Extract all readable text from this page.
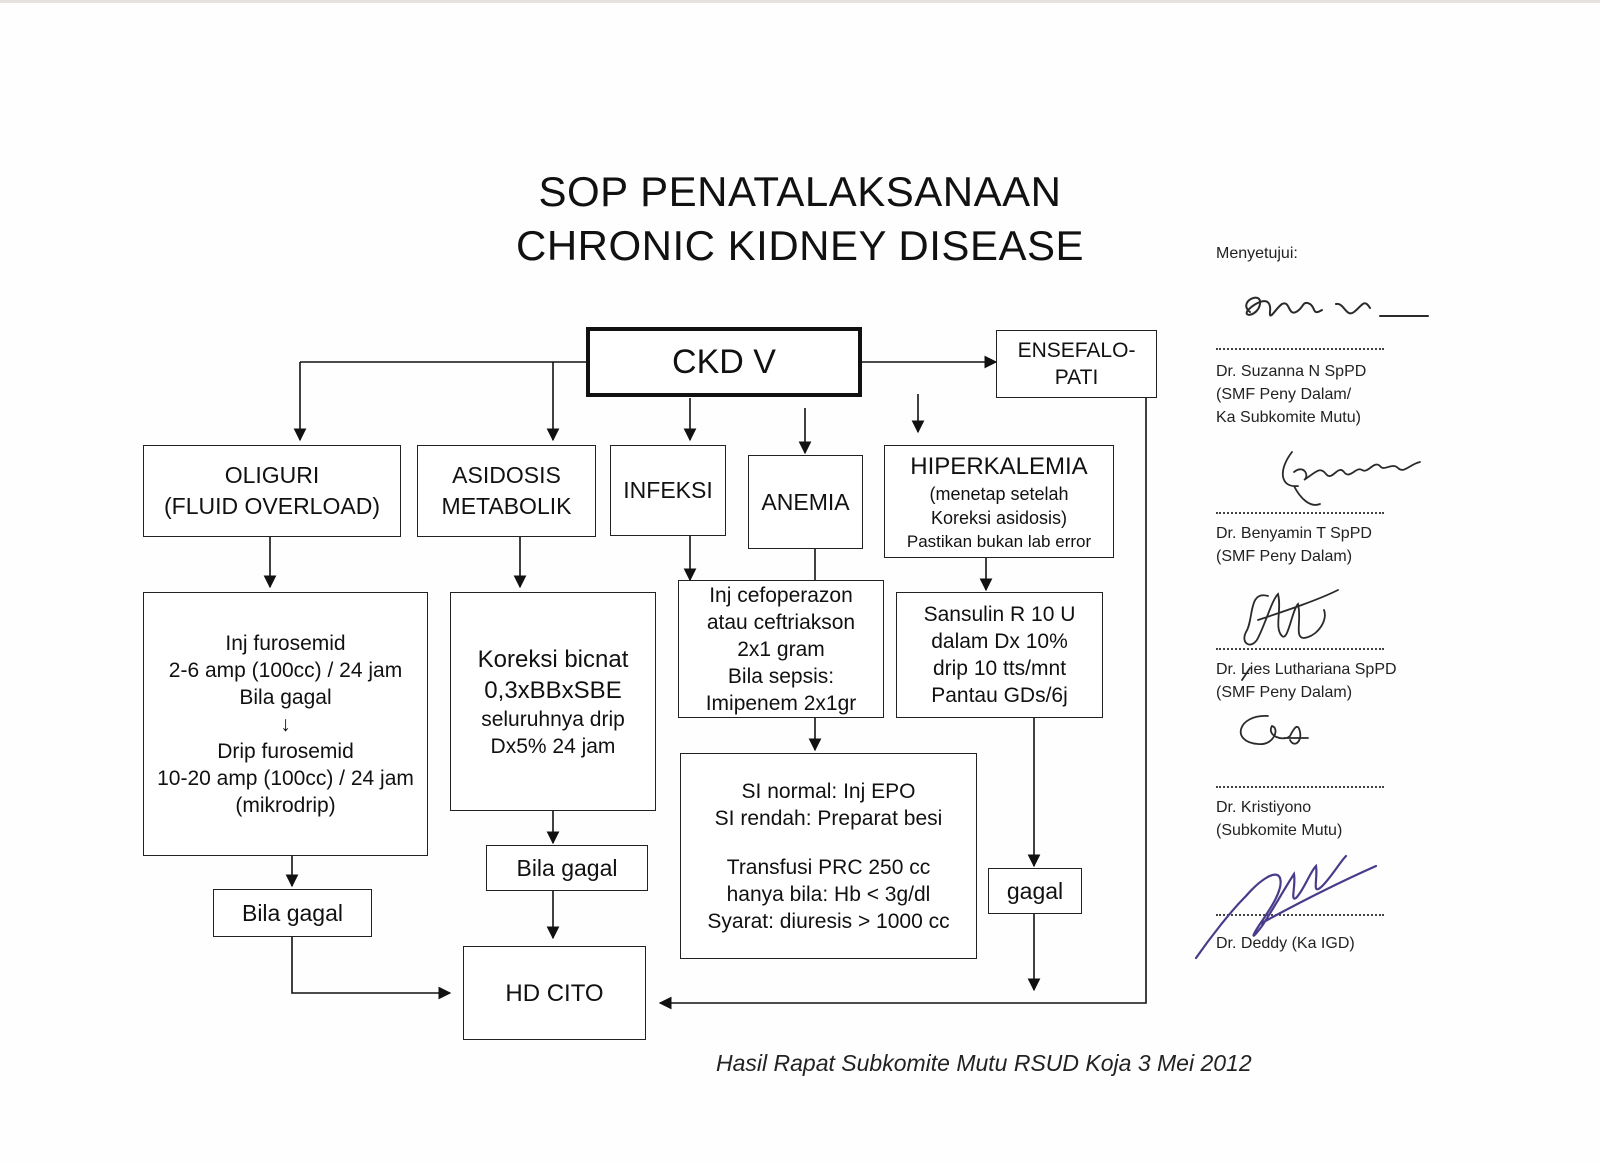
SOP PENATALAKSANAAN
CHRONIC KIDNEY DISEASE
CKD V	ENSEFALO-
PATI
OLIGURI
(FLUID OVERLOAD)
ASIDOSIS
METABOLIK
INFEKSI ANEMIA
HIPERKALEMIA
(menetap setelah
Koreksi asidosis)
Pastikan bukan lab error
Inj furosemid
2-6 amp (100cc) / 24 jam
Bila gagal
↓
Drip furosemid
10-20 amp (100cc) / 24 jam
(mikrodrip)
Koreksi bicnat
0,3xBBxSBE
seluruhnya drip
Dx5% 24 jam
Inj cefoperazon
atau ceftriakson
2x1 gram
Bila sepsis:
Imipenem 2x1gr
Sansulin R 10 U
dalam Dx 10%
drip 10 tts/mnt
Pantau GDs/6j
SI normal: Inj EPO
SI rendah: Preparat besi
Transfusi PRC 250 cc
hanya bila: Hb < 3g/dl
Syarat: diuresis > 1000 cc
Bila gagal
Bila gagal
gagal
HD CITO
Menyetujui:
Dr. Suzanna N SpPD
(SMF Peny Dalam/
Ka Subkomite Mutu)
Dr. Benyamin T SpPD
(SMF Peny Dalam)
Dr. Lies Luthariana SpPD
(SMF Peny Dalam)
Dr. Kristiyono
(Subkomite Mutu)
Dr. Deddy (Ka IGD)
Hasil Rapat Subkomite Mutu RSUD Koja 3 Mei 2012
